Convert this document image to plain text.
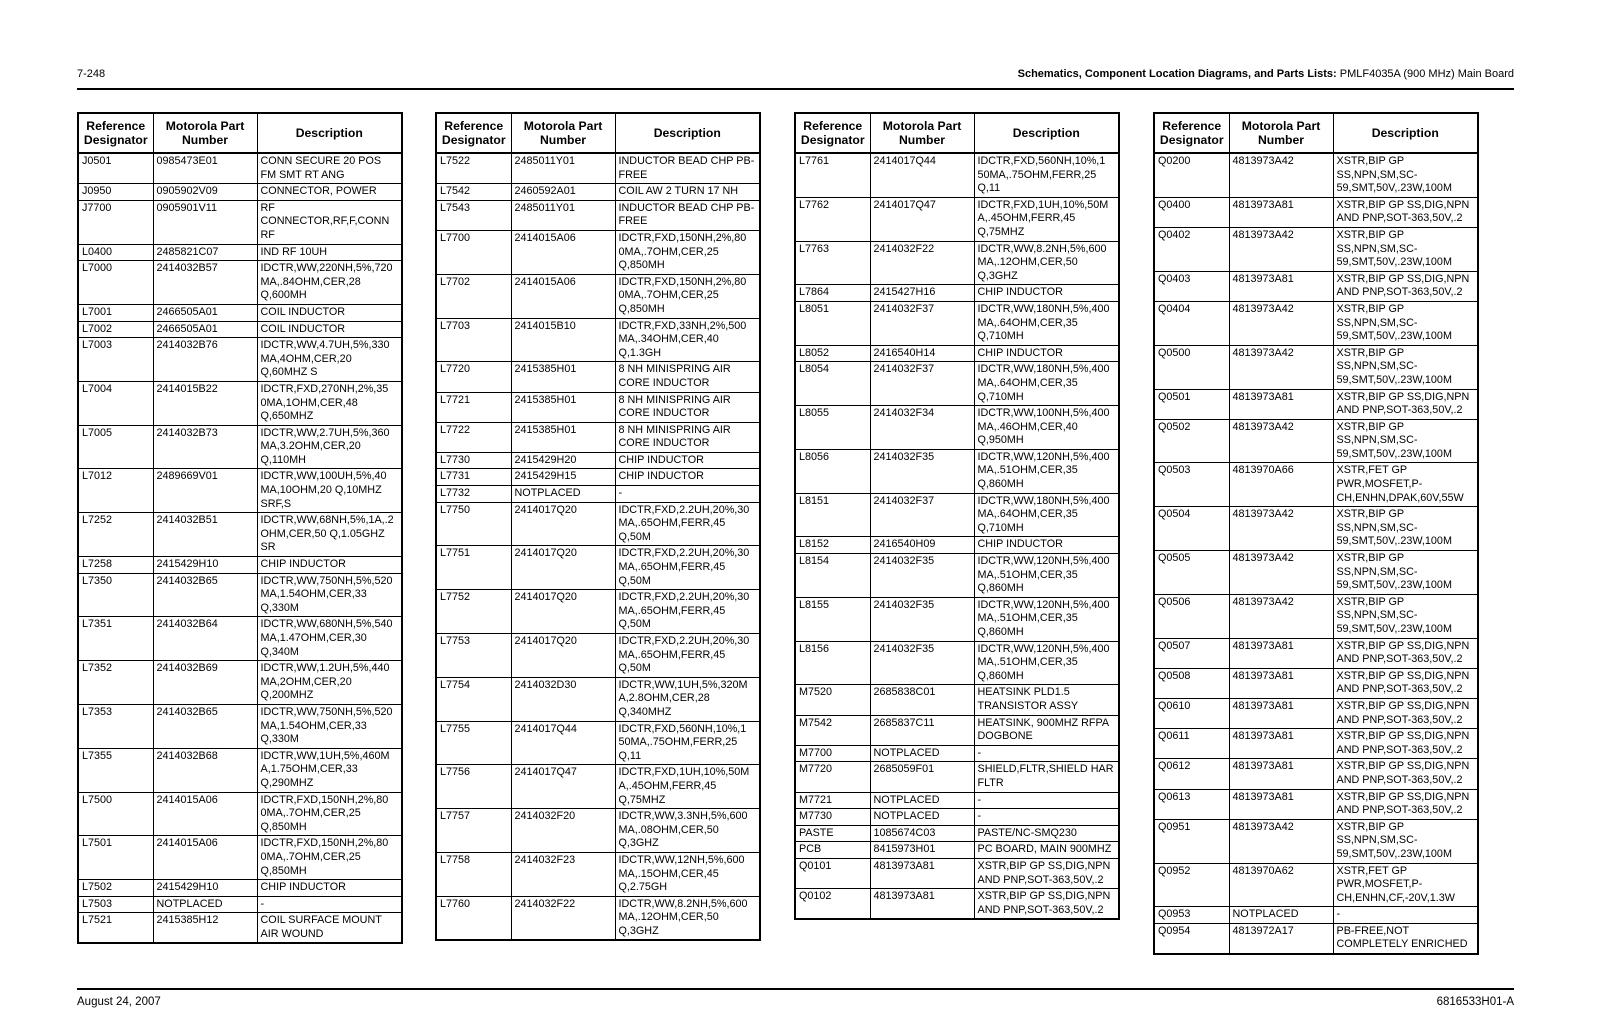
7-248	Schematics, Component Location Diagrams, and Parts Lists: PMLF4035A (900 MHz) Main Board
Reference Designator	Motorola Part Number	Description
J0501	0985473E01	CONN SECURE 20 POS FM SMT RT ANG
J0950	0905902V09	CONNECTOR, POWER
J7700	0905901V11	RF CONNECTOR,RF,F,CONN RF
L0400	2485821C07	IND RF 10UH
L7000	2414032B57	IDCTR,WW,220NH,5%,720 MA,.84OHM,CER,28 Q,600MH
L7001	2466505A01	COIL INDUCTOR
L7002	2466505A01	COIL INDUCTOR
L7003	2414032B76	IDCTR,WW,4.7UH,5%,330 MA,4OHM,CER,20 Q,60MHZ S
L7004	2414015B22	IDCTR,FXD,270NH,2%,35 0MA,1OHM,CER,48 Q,650MHZ
L7005	2414032B73	IDCTR,WW,2.7UH,5%,360 MA,3.2OHM,CER,20 Q,110MH
L7012	2489669V01	IDCTR,WW,100UH,5%,40 MA,10OHM,20 Q,10MHZ SRF,S
L7252	2414032B51	IDCTR,WW,68NH,5%,1A,.2 OHM,CER,50 Q,1.05GHZ SR
L7258	2415429H10	CHIP INDUCTOR
L7350	2414032B65	IDCTR,WW,750NH,5%,520 MA,1.54OHM,CER,33 Q,330M
L7351	2414032B64	IDCTR,WW,680NH,5%,540 MA,1.47OHM,CER,30 Q,340M
L7352	2414032B69	IDCTR,WW,1.2UH,5%,440 MA,2OHM,CER,20 Q,200MHZ
L7353	2414032B65	IDCTR,WW,750NH,5%,520 MA,1.54OHM,CER,33 Q,330M
L7355	2414032B68	IDCTR,WW,1UH,5%,460M A,1.75OHM,CER,33 Q,290MHZ
L7500	2414015A06	IDCTR,FXD,150NH,2%,80 0MA,.7OHM,CER,25 Q,850MH
L7501	2414015A06	IDCTR,FXD,150NH,2%,80 0MA,.7OHM,CER,25 Q,850MH
L7502	2415429H10	CHIP INDUCTOR
L7503	NOTPLACED	-
L7521	2415385H12	COIL SURFACE MOUNT AIR WOUND
Reference Designator	Motorola Part Number	Description
L7522	2485011Y01	INDUCTOR BEAD CHP PB-FREE
L7542	2460592A01	COIL AW 2 TURN 17 NH
L7543	2485011Y01	INDUCTOR BEAD CHP PB-FREE
L7700	2414015A06	IDCTR,FXD,150NH,2%,80 0MA,.7OHM,CER,25 Q,850MH
L7702	2414015A06	IDCTR,FXD,150NH,2%,80 0MA,.7OHM,CER,25 Q,850MH
L7703	2414015B10	IDCTR,FXD,33NH,2%,500 MA,.34OHM,CER,40 Q,1.3GH
L7720	2415385H01	8 NH MINISPRING AIR CORE INDUCTOR
L7721	2415385H01	8 NH MINISPRING AIR CORE INDUCTOR
L7722	2415385H01	8 NH MINISPRING AIR CORE INDUCTOR
L7730	2415429H20	CHIP INDUCTOR
L7731	2415429H15	CHIP INDUCTOR
L7732	NOTPLACED	-
L7750	2414017Q20	IDCTR,FXD,2.2UH,20%,30 MA,.65OHM,FERR,45 Q,50M
L7751	2414017Q20	IDCTR,FXD,2.2UH,20%,30 MA,.65OHM,FERR,45 Q,50M
L7752	2414017Q20	IDCTR,FXD,2.2UH,20%,30 MA,.65OHM,FERR,45 Q,50M
L7753	2414017Q20	IDCTR,FXD,2.2UH,20%,30 MA,.65OHM,FERR,45 Q,50M
L7754	2414032D30	IDCTR,WW,1UH,5%,320M A,2.8OHM,CER,28 Q,340MHZ
L7755	2414017Q44	IDCTR,FXD,560NH,10%,1 50MA,.75OHM,FERR,25 Q,11
L7756	2414017Q47	IDCTR,FXD,1UH,10%,50M A,.45OHM,FERR,45 Q,75MHZ
L7757	2414032F20	IDCTR,WW,3.3NH,5%,600 MA,.08OHM,CER,50 Q,3GHZ
L7758	2414032F23	IDCTR,WW,12NH,5%,600 MA,.15OHM,CER,45 Q,2.75GH
L7760	2414032F22	IDCTR,WW,8.2NH,5%,600 MA,.12OHM,CER,50 Q,3GHZ
Reference Designator	Motorola Part Number	Description
L7761	2414017Q44	IDCTR,FXD,560NH,10%,1 50MA,.75OHM,FERR,25 Q,11
L7762	2414017Q47	IDCTR,FXD,1UH,10%,50M A,.45OHM,FERR,45 Q,75MHZ
L7763	2414032F22	IDCTR,WW,8.2NH,5%,600 MA,.12OHM,CER,50 Q,3GHZ
L7864	2415427H16	CHIP INDUCTOR
L8051	2414032F37	IDCTR,WW,180NH,5%,400 MA,.64OHM,CER,35 Q,710MH
L8052	2416540H14	CHIP INDUCTOR
L8054	2414032F37	IDCTR,WW,180NH,5%,400 MA,.64OHM,CER,35 Q,710MH
L8055	2414032F34	IDCTR,WW,100NH,5%,400 MA,.46OHM,CER,40 Q,950MH
L8056	2414032F35	IDCTR,WW,120NH,5%,400 MA,.51OHM,CER,35 Q,860MH
L8151	2414032F37	IDCTR,WW,180NH,5%,400 MA,.64OHM,CER,35 Q,710MH
L8152	2416540H09	CHIP INDUCTOR
L8154	2414032F35	IDCTR,WW,120NH,5%,400 MA,.51OHM,CER,35 Q,860MH
L8155	2414032F35	IDCTR,WW,120NH,5%,400 MA,.51OHM,CER,35 Q,860MH
L8156	2414032F35	IDCTR,WW,120NH,5%,400 MA,.51OHM,CER,35 Q,860MH
M7520	2685838C01	HEATSINK PLD1.5 TRANSISTOR ASSY
M7542	2685837C11	HEATSINK, 900MHZ RFPA DOGBONE
M7700	NOTPLACED	-
M7720	2685059F01	SHIELD,FLTR,SHIELD HAR FLTR
M7721	NOTPLACED	-
M7730	NOTPLACED	-
PASTE	1085674C03	PASTE/NC-SMQ230
PCB	8415973H01	PC BOARD, MAIN 900MHZ
Q0101	4813973A81	XSTR,BIP GP SS,DIG,NPN AND PNP,SOT-363,50V,.2
Q0102	4813973A81	XSTR,BIP GP SS,DIG,NPN AND PNP,SOT-363,50V,.2
Reference Designator	Motorola Part Number	Description
Q0200	4813973A42	XSTR,BIP GP SS,NPN,SM,SC-59,SMT,50V,.23W,100M
Q0400	4813973A81	XSTR,BIP GP SS,DIG,NPN AND PNP,SOT-363,50V,.2
Q0402	4813973A42	XSTR,BIP GP SS,NPN,SM,SC-59,SMT,50V,.23W,100M
Q0403	4813973A81	XSTR,BIP GP SS,DIG,NPN AND PNP,SOT-363,50V,.2
Q0404	4813973A42	XSTR,BIP GP SS,NPN,SM,SC-59,SMT,50V,.23W,100M
Q0500	4813973A42	XSTR,BIP GP SS,NPN,SM,SC-59,SMT,50V,.23W,100M
Q0501	4813973A81	XSTR,BIP GP SS,DIG,NPN AND PNP,SOT-363,50V,.2
Q0502	4813973A42	XSTR,BIP GP SS,NPN,SM,SC-59,SMT,50V,.23W,100M
Q0503	4813970A66	XSTR,FET GP PWR,MOSFET,P-CH,ENHN,DPAK,60V,55W
Q0504	4813973A42	XSTR,BIP GP SS,NPN,SM,SC-59,SMT,50V,.23W,100M
Q0505	4813973A42	XSTR,BIP GP SS,NPN,SM,SC-59,SMT,50V,.23W,100M
Q0506	4813973A42	XSTR,BIP GP SS,NPN,SM,SC-59,SMT,50V,.23W,100M
Q0507	4813973A81	XSTR,BIP GP SS,DIG,NPN AND PNP,SOT-363,50V,.2
Q0508	4813973A81	XSTR,BIP GP SS,DIG,NPN AND PNP,SOT-363,50V,.2
Q0610	4813973A81	XSTR,BIP GP SS,DIG,NPN AND PNP,SOT-363,50V,.2
Q0611	4813973A81	XSTR,BIP GP SS,DIG,NPN AND PNP,SOT-363,50V,.2
Q0612	4813973A81	XSTR,BIP GP SS,DIG,NPN AND PNP,SOT-363,50V,.2
Q0613	4813973A81	XSTR,BIP GP SS,DIG,NPN AND PNP,SOT-363,50V,.2
Q0951	4813973A42	XSTR,BIP GP SS,NPN,SM,SC-59,SMT,50V,.23W,100M
Q0952	4813970A62	XSTR,FET GP PWR,MOSFET,P-CH,ENHN,CF,-20V,1.3W
Q0953	NOTPLACED	-
Q0954	4813972A17	PB-FREE,NOT COMPLETELY ENRICHED
August 24, 2007	6816533H01-A
